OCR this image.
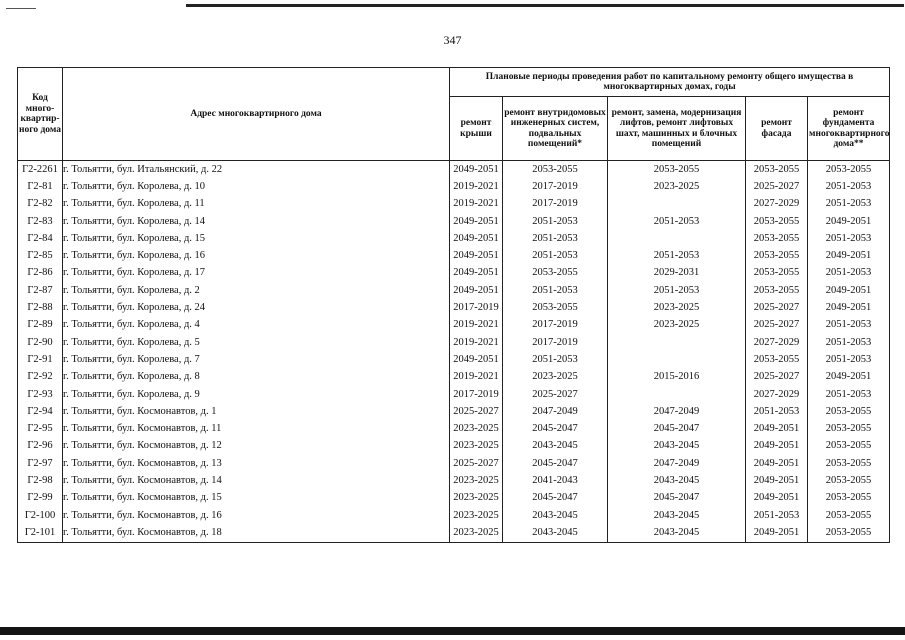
347
Код много-квартир-ного дома	Адрес многоквартирного дома	Плановые периоды проведения работ по капитальному ремонту общего имущества в многоквартирных домах, годы				
		ремонт крыши	ремонт внутридомовых инженерных систем, подвальных помещений*	ремонт, замена, модернизация лифтов, ремонт лифтовых шахт, машинных и блочных помещений	ремонт фасада	ремонт фундамента многоквартирного дома**
Г2-2261	г. Тольятти, бул. Итальянский, д. 22	2049-2051	2053-2055	2053-2055	2053-2055	2053-2055
Г2-81	г. Тольятти, бул. Королева, д. 10	2019-2021	2017-2019	2023-2025	2025-2027	2051-2053
Г2-82	г. Тольятти, бул. Королева, д. 11	2019-2021	2017-2019		2027-2029	2051-2053
Г2-83	г. Тольятти, бул. Королева, д. 14	2049-2051	2051-2053	2051-2053	2053-2055	2049-2051
Г2-84	г. Тольятти, бул. Королева, д. 15	2049-2051	2051-2053		2053-2055	2051-2053
Г2-85	г. Тольятти, бул. Королева, д. 16	2049-2051	2051-2053	2051-2053	2053-2055	2049-2051
Г2-86	г. Тольятти, бул. Королева, д. 17	2049-2051	2053-2055	2029-2031	2053-2055	2051-2053
Г2-87	г. Тольятти, бул. Королева, д. 2	2049-2051	2051-2053	2051-2053	2053-2055	2049-2051
Г2-88	г. Тольятти, бул. Королева, д. 24	2017-2019	2053-2055	2023-2025	2025-2027	2049-2051
Г2-89	г. Тольятти, бул. Королева, д. 4	2019-2021	2017-2019	2023-2025	2025-2027	2051-2053
Г2-90	г. Тольятти, бул. Королева, д. 5	2019-2021	2017-2019		2027-2029	2051-2053
Г2-91	г. Тольятти, бул. Королева, д. 7	2049-2051	2051-2053		2053-2055	2051-2053
Г2-92	г. Тольятти, бул. Королева, д. 8	2019-2021	2023-2025	2015-2016	2025-2027	2049-2051
Г2-93	г. Тольятти, бул. Королева, д. 9	2017-2019	2025-2027		2027-2029	2051-2053
Г2-94	г. Тольятти, бул. Космонавтов, д. 1	2025-2027	2047-2049	2047-2049	2051-2053	2053-2055
Г2-95	г. Тольятти, бул. Космонавтов, д. 11	2023-2025	2045-2047	2045-2047	2049-2051	2053-2055
Г2-96	г. Тольятти, бул. Космонавтов, д. 12	2023-2025	2043-2045	2043-2045	2049-2051	2053-2055
Г2-97	г. Тольятти, бул. Космонавтов, д. 13	2025-2027	2045-2047	2047-2049	2049-2051	2053-2055
Г2-98	г. Тольятти, бул. Космонавтов, д. 14	2023-2025	2041-2043	2043-2045	2049-2051	2053-2055
Г2-99	г. Тольятти, бул. Космонавтов, д. 15	2023-2025	2045-2047	2045-2047	2049-2051	2053-2055
Г2-100	г. Тольятти, бул. Космонавтов, д. 16	2023-2025	2043-2045	2043-2045	2051-2053	2053-2055
Г2-101	г. Тольятти, бул. Космонавтов, д. 18	2023-2025	2043-2045	2043-2045	2049-2051	2053-2055
